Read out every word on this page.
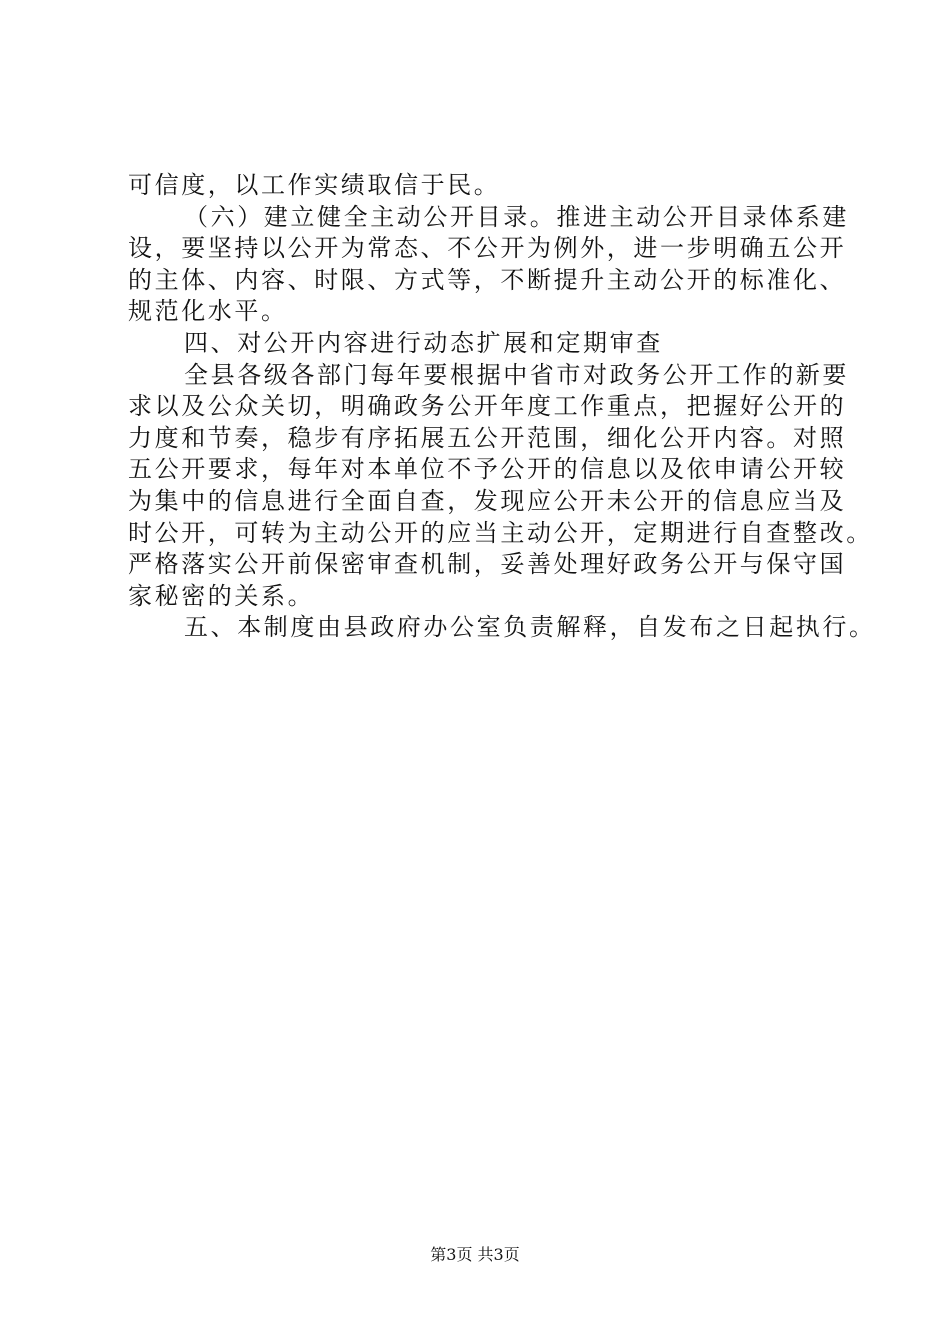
可信度，以工作实绩取信于民。
（六）建立健全主动公开目录。推进主动公开目录体系建
设，要坚持以公开为常态、不公开为例外，进一步明确五公开
的主体、内容、时限、方式等，不断提升主动公开的标准化、
规范化水平。
四、对公开内容进行动态扩展和定期审查
全县各级各部门每年要根据中省市对政务公开工作的新要
求以及公众关切，明确政务公开年度工作重点，把握好公开的
力度和节奏，稳步有序拓展五公开范围，细化公开内容。对照
五公开要求，每年对本单位不予公开的信息以及依申请公开较
为集中的信息进行全面自查，发现应公开未公开的信息应当及
时公开，可转为主动公开的应当主动公开，定期进行自查整改。
严格落实公开前保密审查机制，妥善处理好政务公开与保守国
家秘密的关系。
五、本制度由县政府办公室负责解释，自发布之日起执行。
第3页 共3页
